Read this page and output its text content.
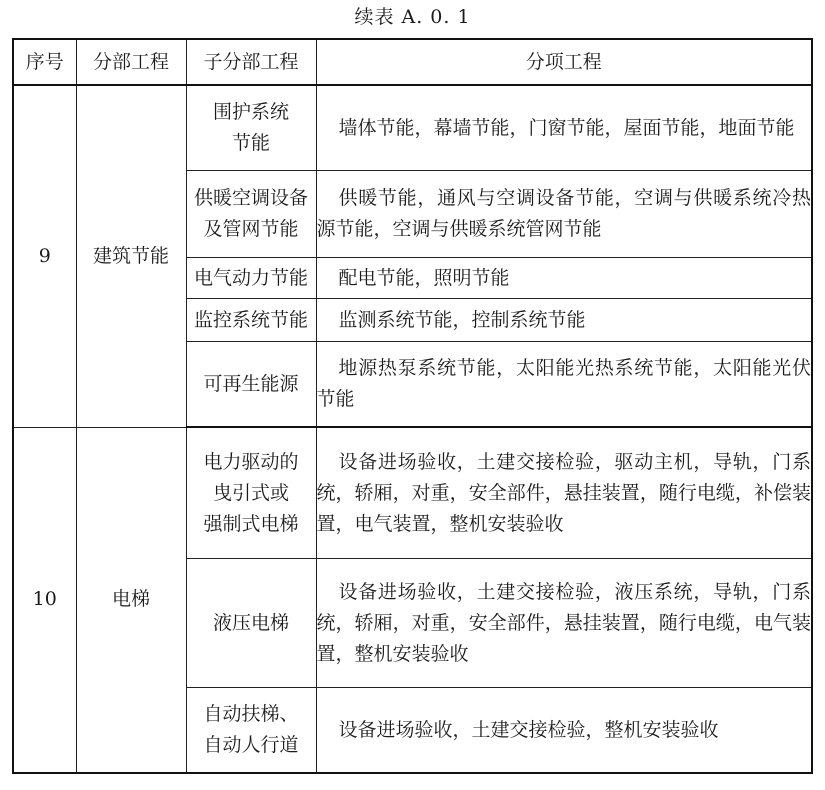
续表 A. 0. 1
序号	分部工程	子分部工程	分项工程
9	建筑节能	围护系统
节能	墙体节能，幕墙节能，门窗节能，屋面节能，地面节能

		供暖空调设备
及管网节能	供暖节能，通风与空调设备节能，空调与供暖系统冷热源节能，空调与供暖系统管网节能

		电气动力节能	配电节能，照明节能

		监控系统节能	监测系统节能，控制系统节能

		可再生能源	地源热泵系统节能，太阳能光热系统节能，太阳能光伏节能
10	电梯	电力驱动的
曳引式或
强制式电梯	设备进场验收，土建交接检验，驱动主机，导轨，门系统，轿厢，对重，安全部件，悬挂装置，随行电缆，补偿装置，电气装置，整机安装验收

		液压电梯	设备进场验收，土建交接检验，液压系统，导轨，门系统，轿厢，对重，安全部件，悬挂装置，随行电缆，电气装置，整机安装验收

		自动扶梯、
自动人行道	设备进场验收，土建交接检验，整机安装验收
